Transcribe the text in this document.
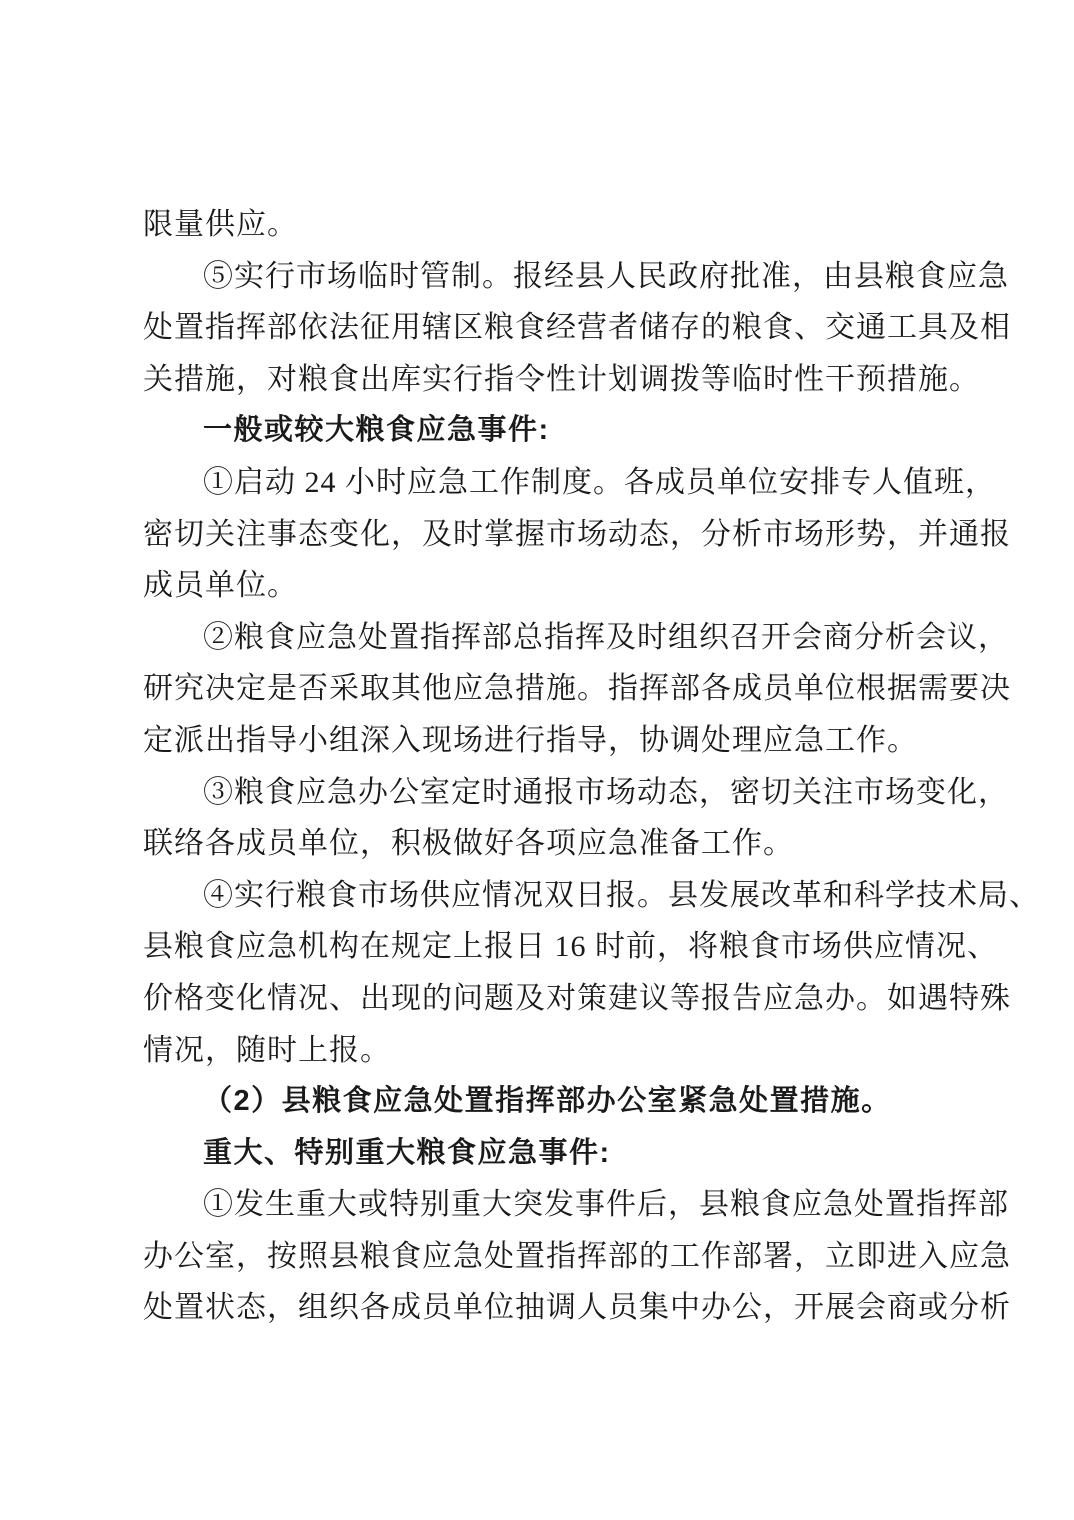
限量供应。
⑤实行市场临时管制。报经县人民政府批准，由县粮食应急
处置指挥部依法征用辖区粮食经营者储存的粮食、交通工具及相
关措施，对粮食出库实行指令性计划调拨等临时性干预措施。
一般或较大粮食应急事件:
①启动 24 小时应急工作制度。各成员单位安排专人值班，
密切关注事态变化，及时掌握市场动态，分析市场形势，并通报
成员单位。
②粮食应急处置指挥部总指挥及时组织召开会商分析会议，
研究决定是否采取其他应急措施。指挥部各成员单位根据需要决
定派出指导小组深入现场进行指导，协调处理应急工作。
③粮食应急办公室定时通报市场动态，密切关注市场变化，
联络各成员单位，积极做好各项应急准备工作。
④实行粮食市场供应情况双日报。县发展改革和科学技术局、
县粮食应急机构在规定上报日 16 时前，将粮食市场供应情况、
价格变化情况、出现的问题及对策建议等报告应急办。如遇特殊
情况，随时上报。
（2）县粮食应急处置指挥部办公室紧急处置措施。
重大、特别重大粮食应急事件:
①发生重大或特别重大突发事件后，县粮食应急处置指挥部
办公室，按照县粮食应急处置指挥部的工作部署，立即进入应急
处置状态，组织各成员单位抽调人员集中办公，开展会商或分析
